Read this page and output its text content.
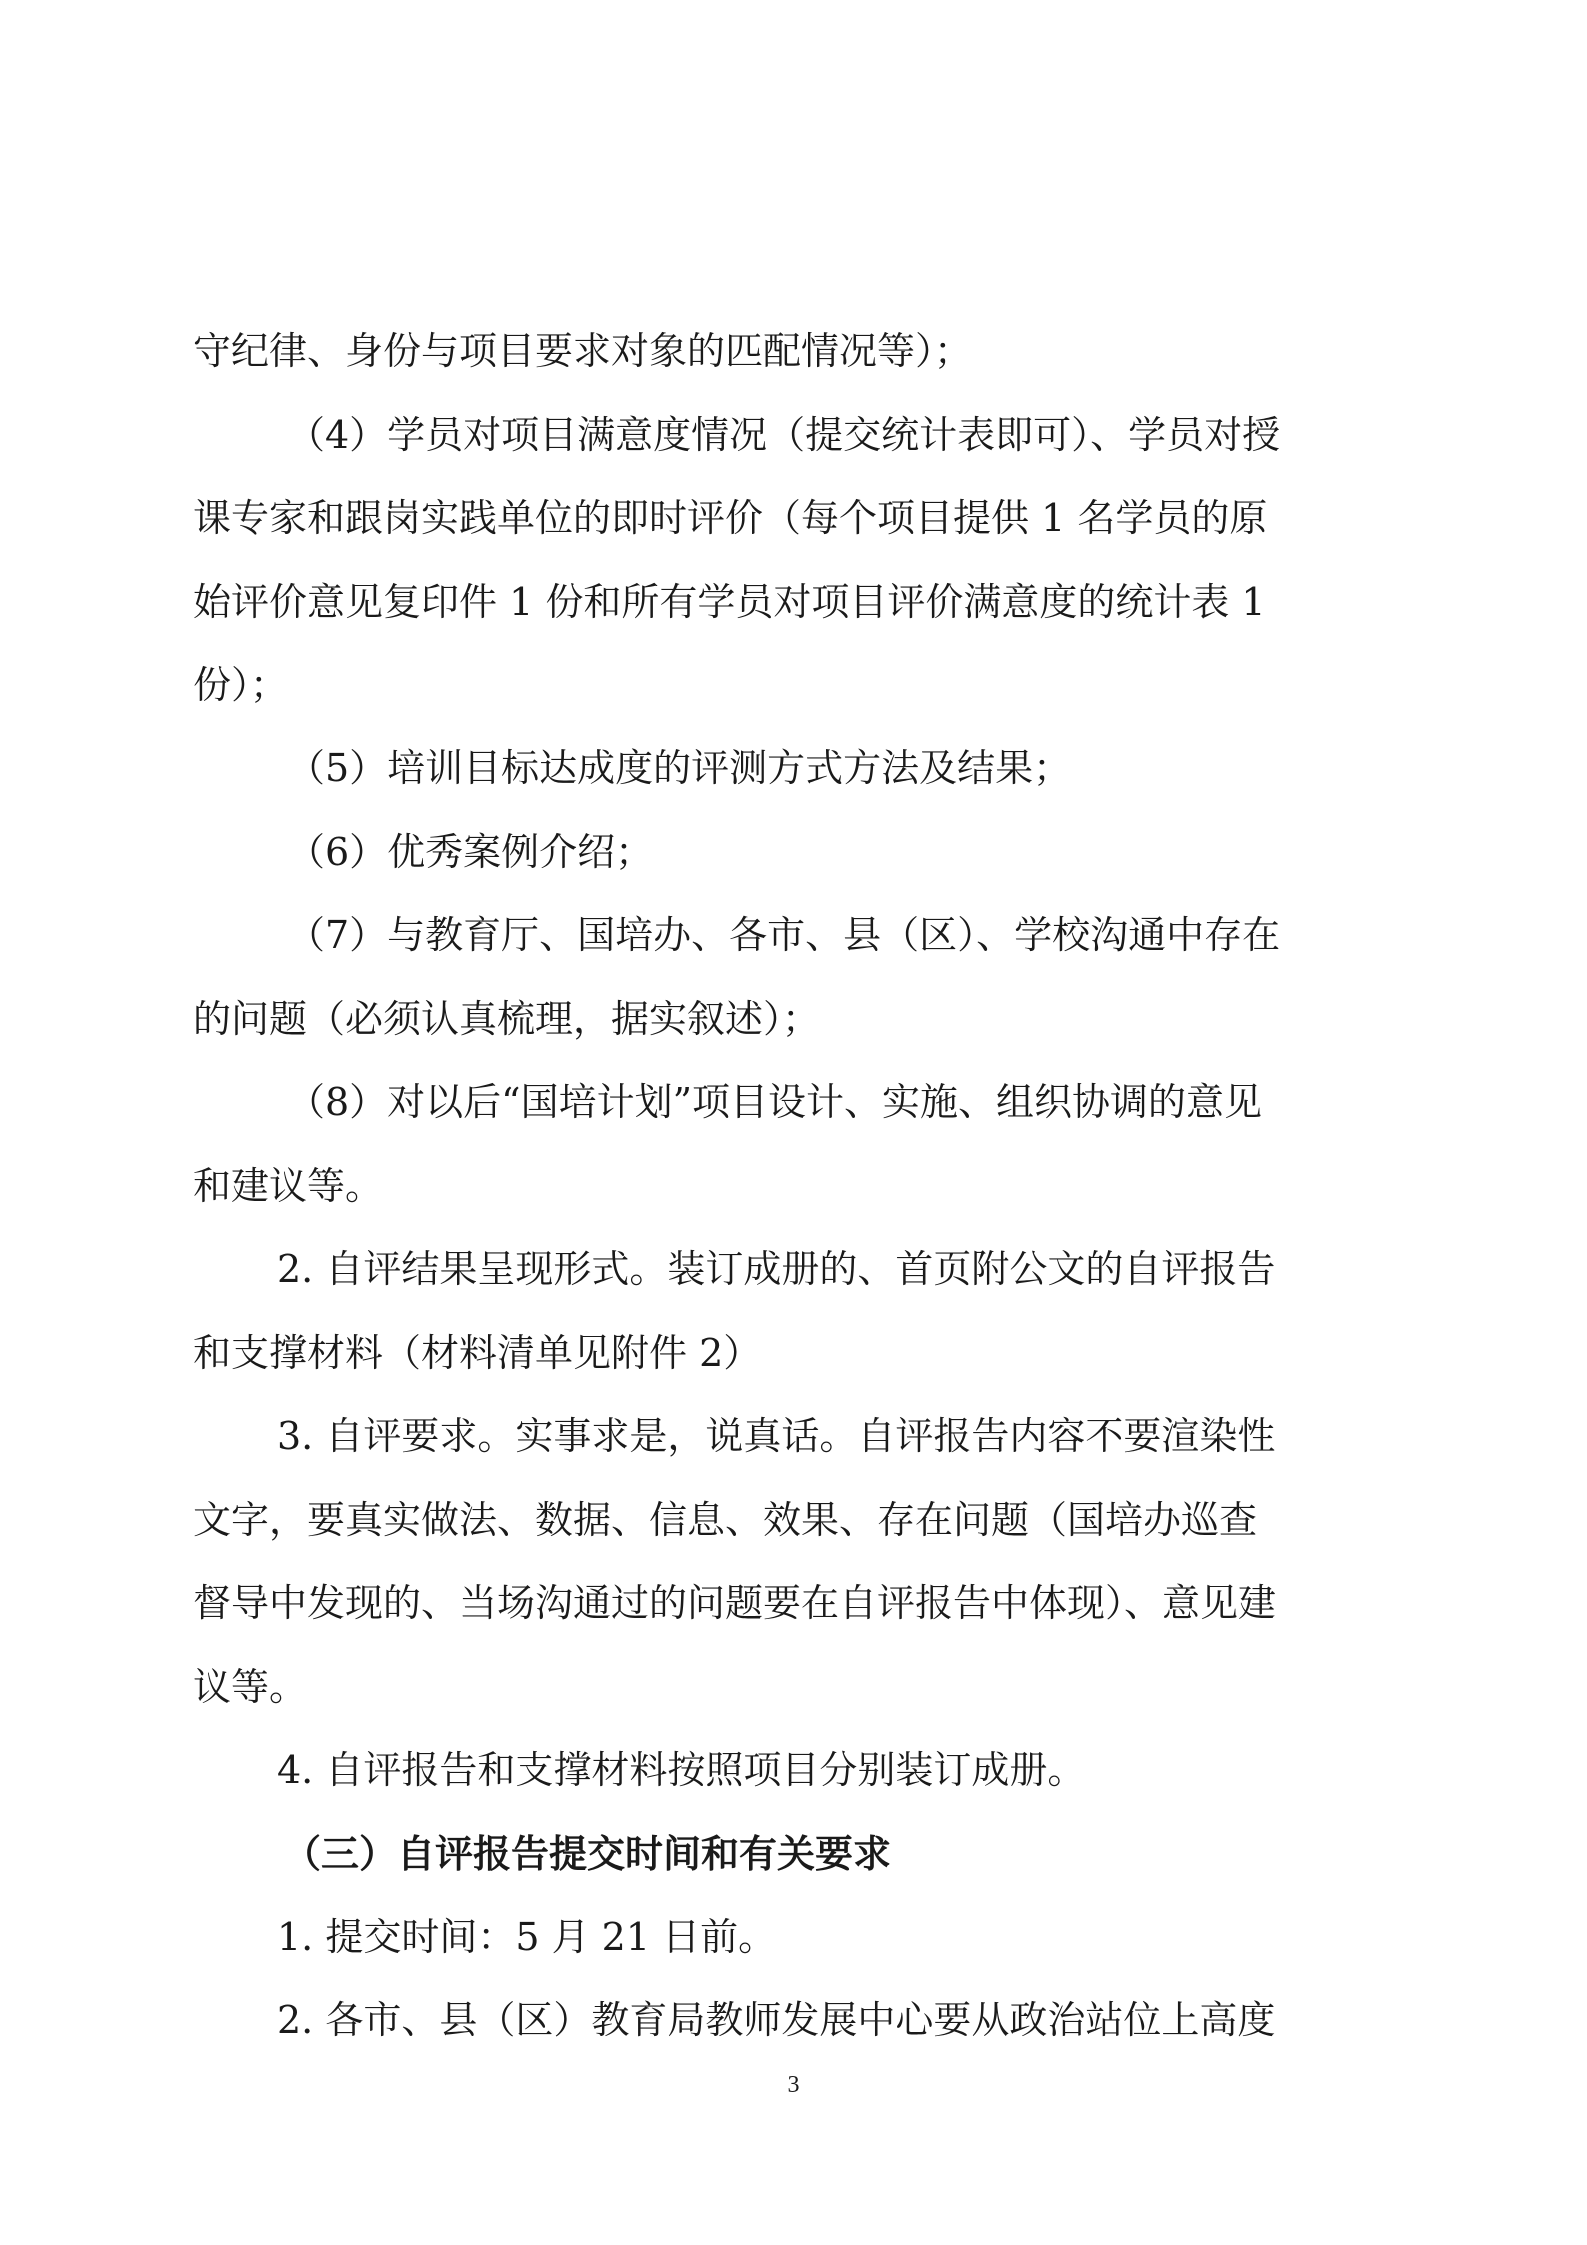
守纪律、身份与项目要求对象的匹配情况等）；
（4）学员对项目满意度情况（提交统计表即可）、学员对授
课专家和跟岗实践单位的即时评价（每个项目提供 1 名学员的原
始评价意见复印件 1 份和所有学员对项目评价满意度的统计表 1
份）；
（5）培训目标达成度的评测方式方法及结果；
（6）优秀案例介绍；
（7）与教育厅、国培办、各市、县（区）、学校沟通中存在
的问题（必须认真梳理，据实叙述）；
（8）对以后“国培计划”项目设计、实施、组织协调的意见
和建议等。
2. 自评结果呈现形式。装订成册的、首页附公文的自评报告
和支撑材料（材料清单见附件 2）
3. 自评要求。实事求是，说真话。自评报告内容不要渲染性
文字，要真实做法、数据、信息、效果、存在问题（国培办巡查
督导中发现的、当场沟通过的问题要在自评报告中体现）、意见建
议等。
4. 自评报告和支撑材料按照项目分别装订成册。
（三）自评报告提交时间和有关要求
1. 提交时间：5 月 21 日前。
2. 各市、县（区）教育局教师发展中心要从政治站位上高度
3
